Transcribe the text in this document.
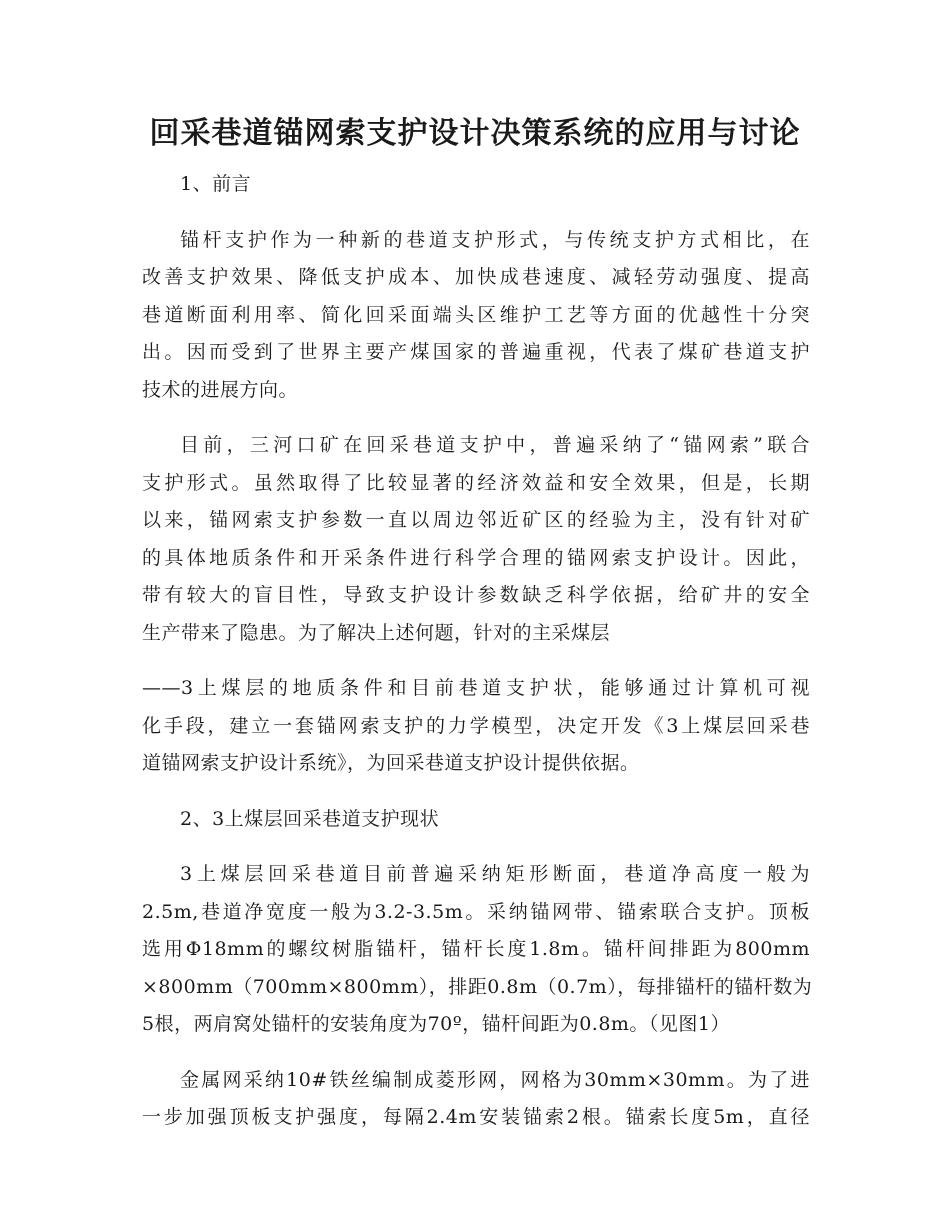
回采巷道锚网索支护设计决策系统的应用与讨论

1、前言

锚杆支护作为一种新的巷道支护形式，与传统支护方式相比，在
改善支护效果、降低支护成本、加快成巷速度、减轻劳动强度、提高
巷道断面利用率、简化回采面端头区维护工艺等方面的优越性十分突
出。因而受到了世界主要产煤国家的普遍重视，代表了煤矿巷道支护
技术的进展方向。

目前，三河口矿在回采巷道支护中，普遍采纳了“锚网索”联合
支护形式。虽然取得了比较显著的经济效益和安全效果，但是，长期
以来，锚网索支护参数一直以周边邻近矿区的经验为主，没有针对矿
的具体地质条件和开采条件进行科学合理的锚网索支护设计。因此，
带有较大的盲目性，导致支护设计参数缺乏科学依据，给矿井的安全
生产带来了隐患。为了解决上述何题，针对的主采煤层

——3上煤层的地质条件和目前巷道支护状，能够通过计算机可视
化手段，建立一套锚网索支护的力学模型，决定开发《3上煤层回采巷
道锚网索支护设计系统》，为回采巷道支护设计提供依据。

2、3上煤层回采巷道支护现状

3上煤层回采巷道目前普遍采纳矩形断面，巷道净高度一般为
2.5m,巷道净宽度一般为3.2-3.5m。采纳锚网带、锚索联合支护。顶板
选用Φ18mm的螺纹树脂锚杆，锚杆长度1.8m。锚杆间排距为800mm
×800mm（700mm×800mm），排距0.8m（0.7m），每排锚杆的锚杆数为
5根，两肩窝处锚杆的安装角度为70º，锚杆间距为0.8m。（见图1）

金属网采纳10#铁丝编制成菱形网，网格为30mm×30mm。为了进
一步加强顶板支护强度，每隔2.4m安装锚索2根。锚索长度5m，直径
